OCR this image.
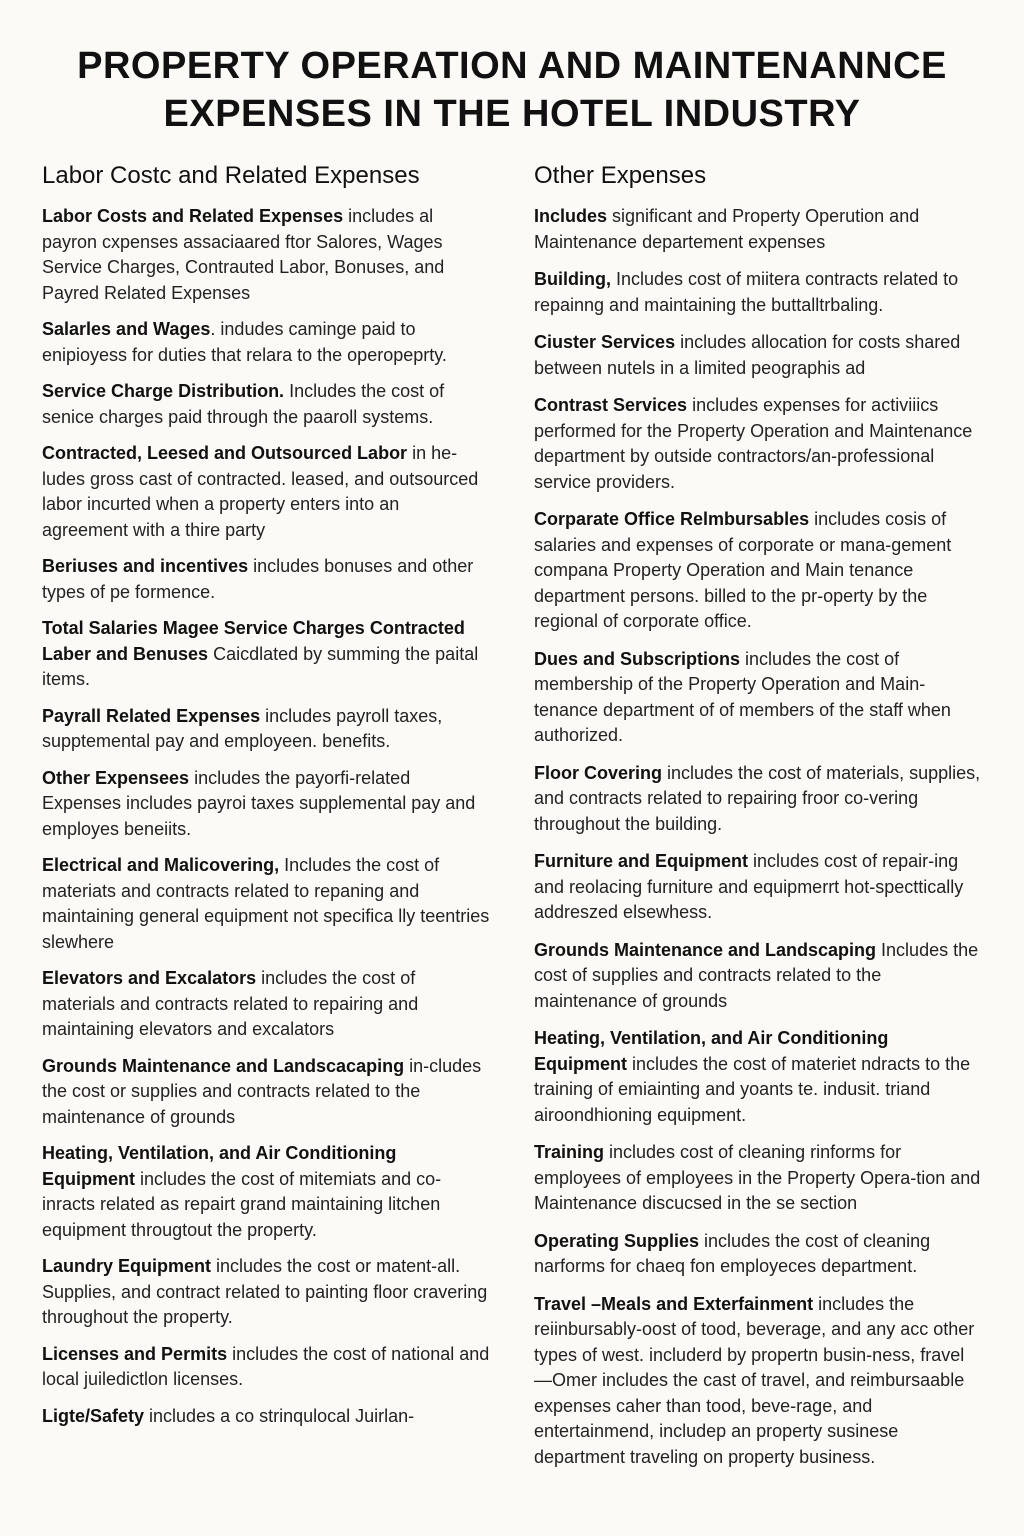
PROPERTY OPERATION AND MAINTENANNCE
EXPENSES IN THE HOTEL INDUSTRY
Labor Costc and Related Expenses

Labor Costs and Related Expenses includes al payron cxpenses assaciaared ftor Salores, Wages Service Charges, Contrauted Labor, Bonuses, and Payred Related Expenses

Salarles and Wages. indudes caminge paid to enipioyess for duties that relara to the operopeprty.

Service Charge Distribution. Includes the cost of senice charges paid through the paaroll systems.

Contracted, Leesed and Outsourced Labor in he-ludes gross cast of contracted. leased, and outsourced labor incurted when a property enters into an agreement with a thire party

Beriuses and incentives includes bonuses and other types of pe formence.

Total Salaries Magee Service Charges Contracted Laber and Benuses Caicdlated by summing the paital items.

Payrall Related Expenses includes payroll taxes, supptemental pay and employeen. benefits.

Other Expensees includes the payorfi-related Expenses includes payroi taxes supplemental pay and employes beneiits.

Electrical and Malicovering, Includes the cost of materiats and contracts related to repaning and maintaining general equipment not specifica lly teentries slewhere

Elevators and Excalators includes the cost of materials and contracts related to repairing and maintaining elevators and excalators

Grounds Maintenance and Landscacaping in-cludes the cost or supplies and contracts related to the maintenance of grounds

Heating, Ventilation, and Air Conditioning Equipment includes the cost of mitemiats and co-inracts related as repairt grand maintaining litchen equipment througtout the property.

Laundry Equipment includes the cost or matent-all. Supplies, and contract related to painting floor cravering throughout the property.

Licenses and Permits includes the cost of national and local juiledictlon licenses.

Ligte/Safety includes a co strinqulocal Juirlan-

Other Expenses

Includes significant and Property Operution and Maintenance departement expenses

Building, Includes cost of miitera contracts related to repainng and maintaining the buttalltrbaling.

Ciuster Services includes allocation for costs shared between nutels in a limited peographis ad

Contrast Services includes expenses for activiiics performed for the Property Operation and Maintenance department by outside contractors/an-professional service providers.

Corparate Office Relmbursables includes cosis of salaries and expenses of corporate or mana-gement compana Property Operation and Main tenance department persons. billed to the pr-operty by the regional of corporate office.

Dues and Subscriptions includes the cost of membership of the Property Operation and Main-tenance department of of members of the staff when authorized.

Floor Covering includes the cost of materials, supplies, and contracts related to repairing froor co-vering throughout the building.

Furniture and Equipment includes cost of repair-ing and reolacing furniture and equipmerrt hot-specttically addreszed elsewhess.

Grounds Maintenance and Landscaping Includes the cost of supplies and contracts related to the maintenance of grounds

Heating, Ventilation, and Air Conditioning Equipment includes the cost of materiet ndracts to the training of emiainting and yoants te. indusit. triand airoondhioning equipment.

Training includes cost of cleaning rinforms for employees of employees in the Property Opera-tion and Maintenance discucsed in the se section

Operating Supplies includes the cost of cleaning narforms for chaeq fon employeces department.

Travel –Meals and Exterfainment includes the reiinbursably-oost of tood, beverage, and any acc other types of west. includerd by propertn busin-ness, fravel—Omer includes the cast of travel, and reimbursaable expenses caher than tood, beve-rage, and entertainmend, includep an property susinese department traveling on property business.
